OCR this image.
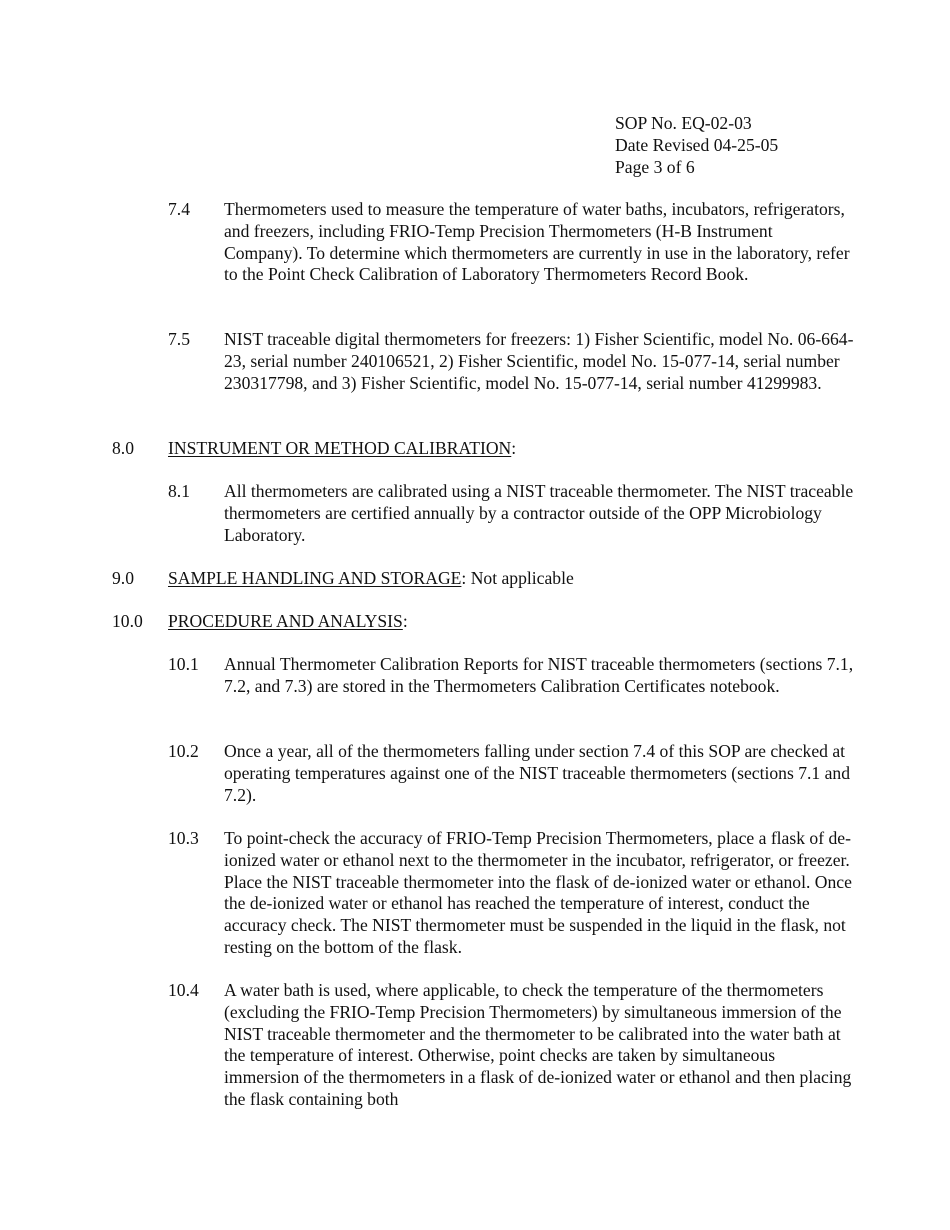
SOP No. EQ-02-03
Date Revised 04-25-05
Page 3 of 6
7.4 Thermometers used to measure the temperature of water baths, incubators, refrigerators, and freezers, including FRIO-Temp Precision Thermometers (H-B Instrument Company). To determine which thermometers are currently in use in the laboratory, refer to the Point Check Calibration of Laboratory Thermometers Record Book.
7.5 NIST traceable digital thermometers for freezers: 1) Fisher Scientific, model No. 06-664-23, serial number 240106521, 2) Fisher Scientific, model No. 15-077-14, serial number 230317798, and 3) Fisher Scientific, model No. 15-077-14, serial number 41299983.
8.0 INSTRUMENT OR METHOD CALIBRATION:
8.1 All thermometers are calibrated using a NIST traceable thermometer. The NIST traceable thermometers are certified annually by a contractor outside of the OPP Microbiology Laboratory.
9.0 SAMPLE HANDLING AND STORAGE: Not applicable
10.0 PROCEDURE AND ANALYSIS:
10.1 Annual Thermometer Calibration Reports for NIST traceable thermometers (sections 7.1, 7.2, and 7.3) are stored in the Thermometers Calibration Certificates notebook.
10.2 Once a year, all of the thermometers falling under section 7.4 of this SOP are checked at operating temperatures against one of the NIST traceable thermometers (sections 7.1 and 7.2).
10.3 To point-check the accuracy of FRIO-Temp Precision Thermometers, place a flask of de-ionized water or ethanol next to the thermometer in the incubator, refrigerator, or freezer. Place the NIST traceable thermometer into the flask of de-ionized water or ethanol. Once the de-ionized water or ethanol has reached the temperature of interest, conduct the accuracy check. The NIST thermometer must be suspended in the liquid in the flask, not resting on the bottom of the flask.
10.4 A water bath is used, where applicable, to check the temperature of the thermometers (excluding the FRIO-Temp Precision Thermometers) by simultaneous immersion of the NIST traceable thermometer and the thermometer to be calibrated into the water bath at the temperature of interest. Otherwise, point checks are taken by simultaneous immersion of the thermometers in a flask of de-ionized water or ethanol and then placing the flask containing both
